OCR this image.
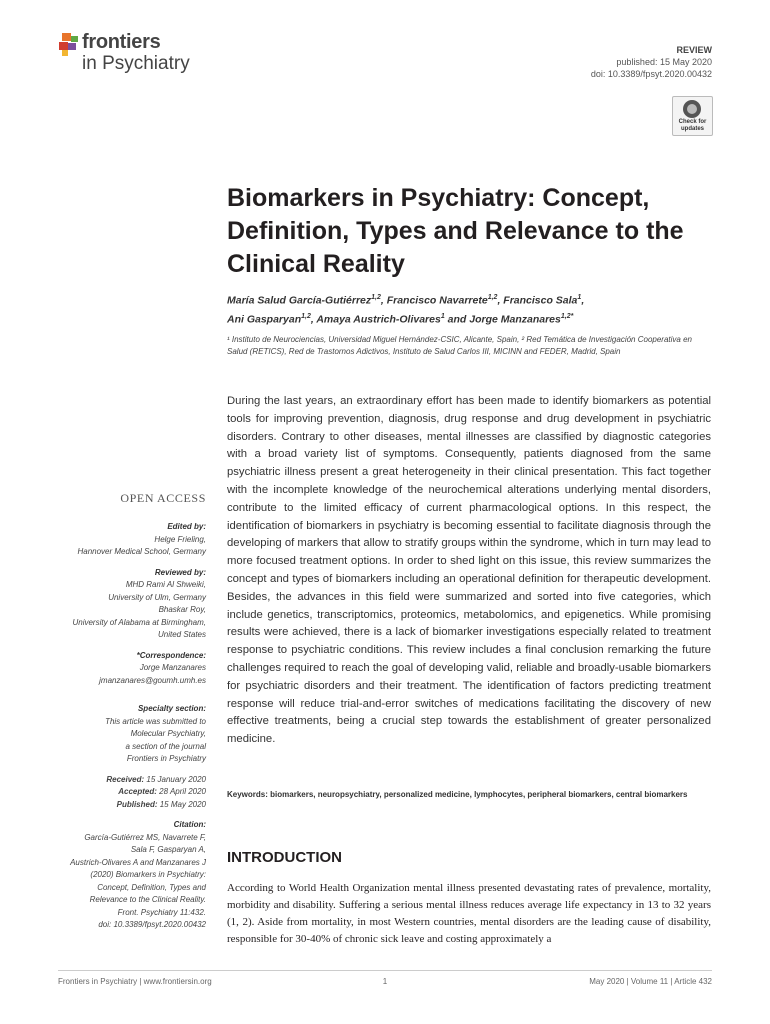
frontiers
in Psychiatry
REVIEW
published: 15 May 2020
doi: 10.3389/fpsyt.2020.00432
Check for
updates
Biomarkers in Psychiatry: Concept, Definition, Types and Relevance to the Clinical Reality
María Salud García-Gutiérrez$^{1,2}$, Francisco Navarrete$^{1,2}$, Francisco Sala$^1$,
Ani Gasparyan$^{1,2}$, Amaya Austrich-Olivares$^1$ and Jorge Manzanares$^{1,2*}$
¹ Instituto de Neurociencias, Universidad Miguel Hernández-CSIC, Alicante, Spain, ² Red Temática de Investigación Cooperativa en Salud (RETICS), Red de Trastornos Adictivos, Instituto de Salud Carlos III, MICINN and FEDER, Madrid, Spain

During the last years, an extraordinary effort has been made to identify biomarkers as potential tools for improving prevention, diagnosis, drug response and drug development in psychiatric disorders. Contrary to other diseases, mental illnesses are classified by diagnostic categories with a broad variety list of symptoms. Consequently, patients diagnosed from the same psychiatric illness present a great heterogeneity in their clinical presentation. This fact together with the incomplete knowledge of the neurochemical alterations underlying mental disorders, contribute to the limited efficacy of current pharmacological options. In this respect, the identification of biomarkers in psychiatry is becoming essential to facilitate diagnosis through the developing of markers that allow to stratify groups within the syndrome, which in turn may lead to more focused treatment options. In order to shed light on this issue, this review summarizes the concept and types of biomarkers including an operational definition for therapeutic development. Besides, the advances in this field were summarized and sorted into five categories, which include genetics, transcriptomics, proteomics, metabolomics, and epigenetics. While promising results were achieved, there is a lack of biomarker investigations especially related to treatment response to psychiatric conditions. This review includes a final conclusion remarking the future challenges required to reach the goal of developing valid, reliable and broadly-usable biomarkers for psychiatric disorders and their treatment. The identification of factors predicting treatment response will reduce trial-and-error switches of medications facilitating the discovery of new effective treatments, being a crucial step towards the establishment of greater personalized medicine.

Keywords: biomarkers, neuropsychiatry, personalized medicine, lymphocytes, peripheral biomarkers, central biomarkers
INTRODUCTION

According to World Health Organization mental illness presented devastating rates of prevalence, mortality, morbidity and disability. Suffering a serious mental illness reduces average life expectancy in 13 to 32 years (1, 2). Aside from mortality, in most Western countries, mental disorders are the leading cause of disability, responsible for 30-40% of chronic sick leave and costing approximately a

OPEN ACCESS
Edited by:
Helge Frieling,
Hannover Medical School, Germany
Reviewed by:
MHD Rami Al Shweiki,
University of Ulm, Germany
Bhaskar Roy,
University of Alabama at Birmingham,
United States
*Correspondence:
Jorge Manzanares
jmanzanares@goumh.umh.es
Specialty section:
This article was submitted to
Molecular Psychiatry,
a section of the journal
Frontiers in Psychiatry
Received: 15 January 2020
Accepted: 28 April 2020
Published: 15 May 2020
Citation:
García-Gutiérrez MS, Navarrete F,
Sala F, Gasparyan A,
Austrich-Olivares A and Manzanares J
(2020) Biomarkers in Psychiatry:
Concept, Definition, Types and
Relevance to the Clinical Reality.
Front. Psychiatry 11:432.
doi: 10.3389/fpsyt.2020.00432
Frontiers in Psychiatry | www.frontiersin.org	1	May 2020 | Volume 11 | Article 432
